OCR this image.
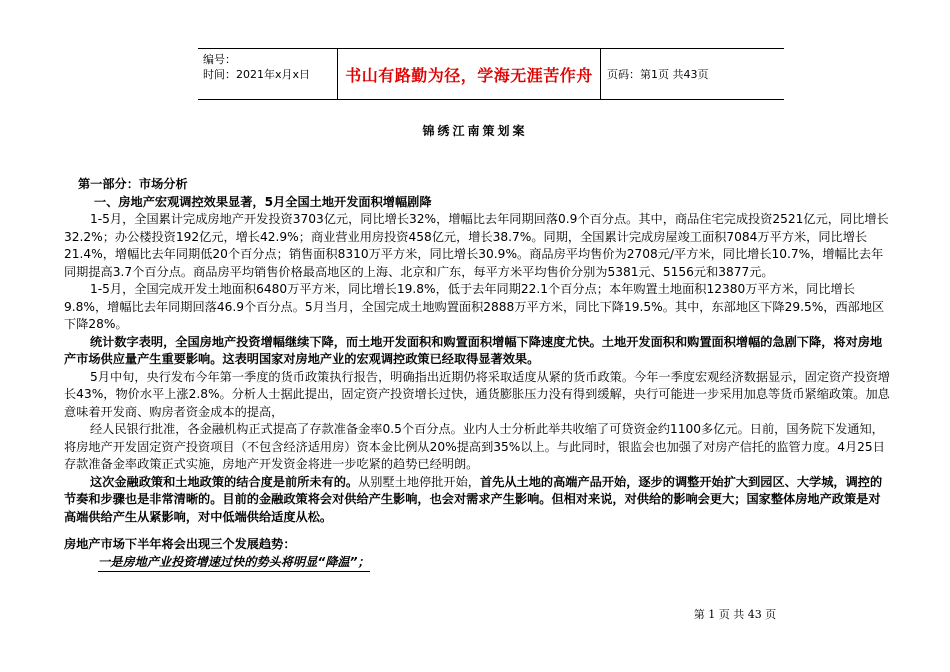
编号：
时间：2021年x月x日	书山有路勤为径，学海无涯苦作舟 页码：第1页 共43页
锦绣江南策划案

第一部分：市场分析

一、房地产宏观调控效果显著，5月全国土地开发面积增幅剧降

1-5月，全国累计完成房地产开发投资3703亿元，同比增长32%，增幅比去年同期回落0.9个百分点。其中，商品住宅完成投资2521亿元，同比增长32.2%；办公楼投资192亿元，增长42.9%；商业营业用房投资458亿元，增长38.7%。同期，全国累计完成房屋竣工面积7084万平方米，同比增长21.4%，增幅比去年同期低20个百分点；销售面积8310万平方米，同比增长30.9%。商品房平均售价为2708元/平方米，同比增长10.7%，增幅比去年同期提高3.7个百分点。商品房平均销售价格最高地区的上海、北京和广东，每平方米平均售价分别为5381元、5156元和3877元。

1-5月，全国完成开发土地面积6480万平方米，同比增长19.8%，低于去年同期22.1个百分点；本年购置土地面积12380万平方米，同比增长9.8%，增幅比去年同期回落46.9个百分点。5月当月，全国完成土地购置面积2888万平方米，同比下降19.5%。其中，东部地区下降29.5%，西部地区下降28%。

统计数字表明，全国房地产投资增幅继续下降，而土地开发面积和购置面积增幅下降速度尤快。土地开发面积和购置面积增幅的急剧下降，将对房地产市场供应量产生重要影响。这表明国家对房地产业的宏观调控政策已经取得显著效果。

5月中旬，央行发布今年第一季度的货币政策执行报告，明确指出近期仍将采取适度从紧的货币政策。今年一季度宏观经济数据显示，固定资产投资增长43%，物价水平上涨2.8%。分析人士据此提出，固定资产投资增长过快，通货膨胀压力没有得到缓解，央行可能进一步采用加息等货币紧缩政策。加息意味着开发商、购房者资金成本的提高，

经人民银行批准，各金融机构正式提高了存款准备金率0.5个百分点。业内人士分析此举共收缩了可贷资金约1100多亿元。日前，国务院下发通知，将房地产开发固定资产投资项目（不包含经济适用房）资本金比例从20%提高到35%以上。与此同时，银监会也加强了对房产信托的监管力度。4月25日存款准备金率政策正式实施，房地产开发资金将进一步吃紧的趋势已经明朗。

这次金融政策和土地政策的结合度是前所未有的。从别墅土地停批开始，首先从土地的高端产品开始，逐步的调整开始扩大到园区、大学城，调控的节奏和步骤也是非常清晰的。目前的金融政策将会对供给产生影响，也会对需求产生影响。但相对来说，对供给的影响会更大；国家整体房地产政策是对高端供给产生从紧影响，对中低端供给适度从松。

房地产市场下半年将会出现三个发展趋势：

一是房地产业投资增速过快的势头将明显“降温”；

第 1 页 共 43 页
